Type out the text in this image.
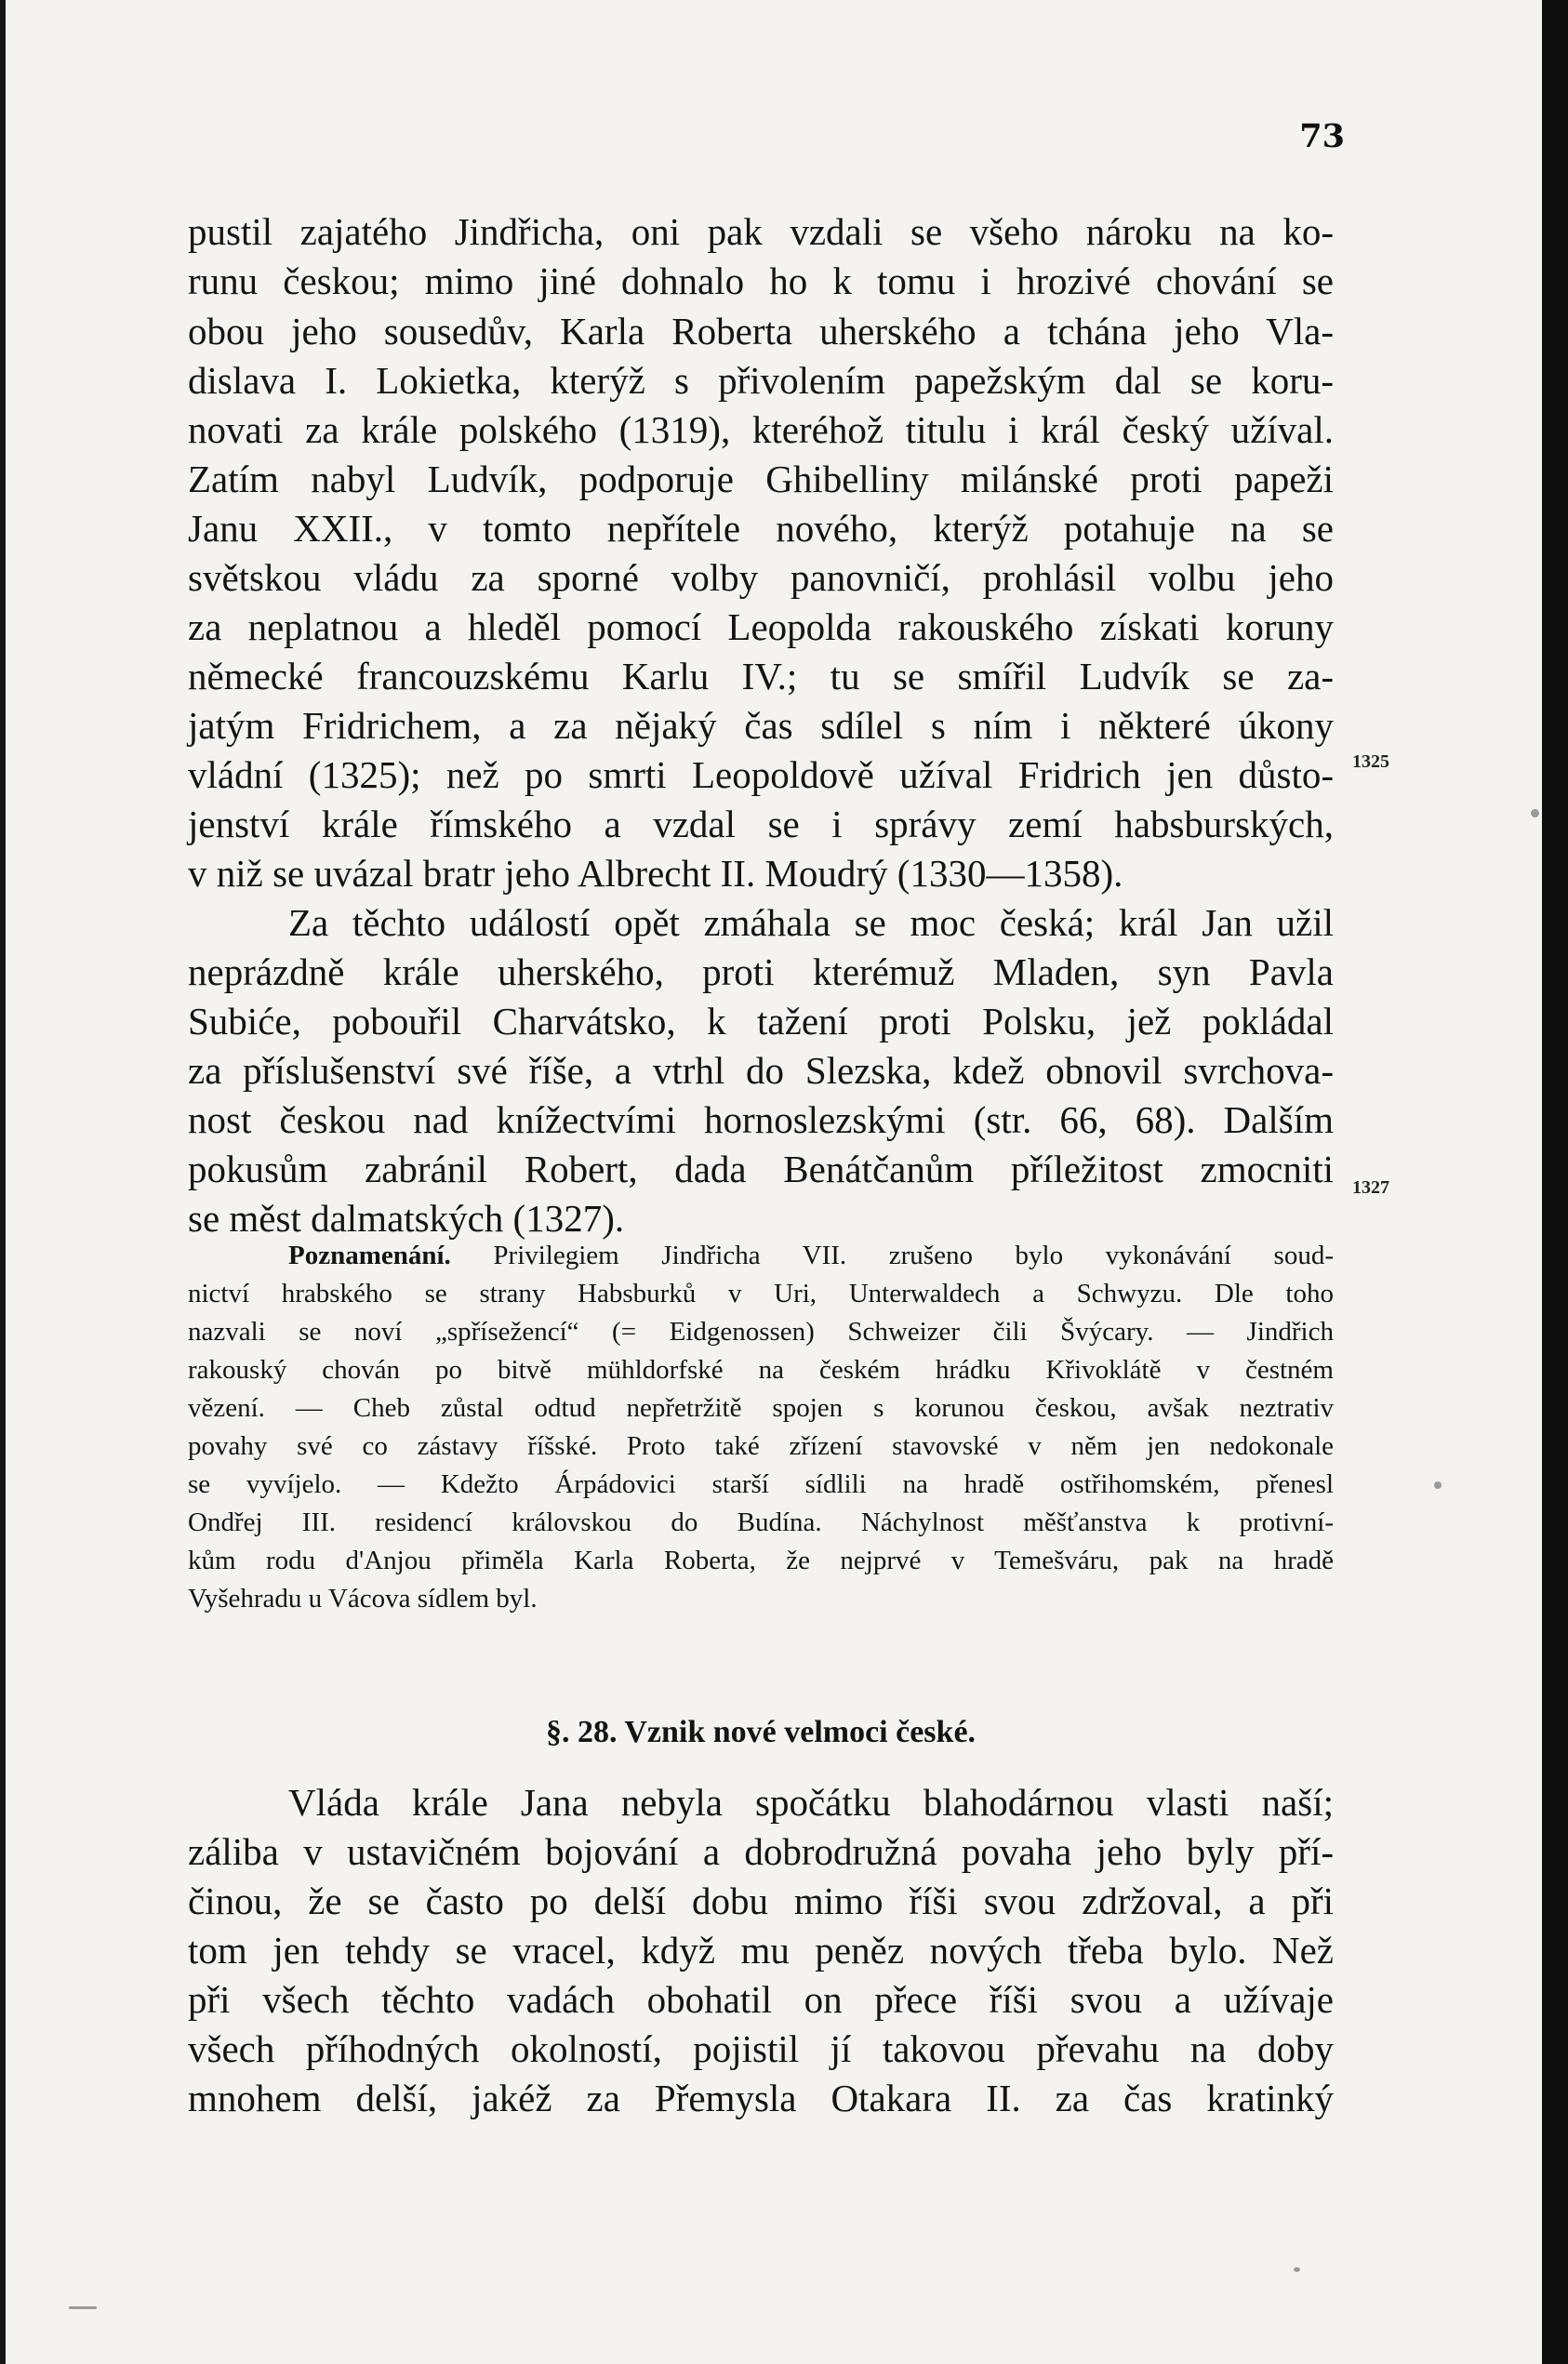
73
pustil zajatého Jindřicha, oni pak vzdali se všeho nároku na ko-
runu českou; mimo jiné dohnalo ho k tomu i hrozivé chování se
obou jeho sousedův, Karla Roberta uherského a tchána jeho Vla-
dislava I. Lokietka, kterýž s přivolením papežským dal se koru-
novati za krále polského (1319), kteréhož titulu i král český užíval.
Zatím nabyl Ludvík, podporuje Ghibelliny milánské proti papeži
Janu XXII., v tomto nepřítele nového, kterýž potahuje na se
světskou vládu za sporné volby panovničí, prohlásil volbu jeho
za neplatnou a hleděl pomocí Leopolda rakouského získati koruny
německé francouzskému Karlu IV.; tu se smířil Ludvík se za-
jatým Fridrichem, a za nějaký čas sdílel s ním i některé úkony
vládní (1325); než po smrti Leopoldově užíval Fridrich jen důsto-
jenství krále římského a vzdal se i správy zemí habsburských,
v niž se uvázal bratr jeho Albrecht II. Moudrý (1330—1358).
Za těchto událostí opět zmáhala se moc česká; král Jan užil
neprázdně krále uherského, proti kterémuž Mladen, syn Pavla
Subiće, pobouřil Charvátsko, k tažení proti Polsku, jež pokládal
za příslušenství své říše, a vtrhl do Slezska, kdež obnovil svrchova-
nost českou nad knížectvími hornoslezskými (str. 66, 68). Dalším
pokusům zabránil Robert, dada Benátčanům příležitost zmocniti
se měst dalmatských (1327).
1325
1327
Poznamenání. Privilegiem Jindřicha VII. zrušeno bylo vykonávání soud-
nictví hrabského se strany Habsburků v Uri, Unterwaldech a Schwyzu. Dle toho
nazvali se noví „spřísežencí“ (= Eidgenossen) Schweizer čili Švýcary. — Jindřich
rakouský chován po bitvě mühldorfské na českém hrádku Křivoklátě v čestném
vězení. — Cheb zůstal odtud nepřetržitě spojen s korunou českou, avšak neztrativ
povahy své co zástavy říšské. Proto také zřízení stavovské v něm jen nedokonale
se vyvíjelo. — Kdežto Árpádovici starší sídlili na hradě ostřihomském, přenesl
Ondřej III. residencí královskou do Budína. Náchylnost měšťanstva k protivní-
kům rodu d'Anjou přiměla Karla Roberta, že nejprvé v Temešváru, pak na hradě
Vyšehradu u Vácova sídlem byl.
§. 28. Vznik nové velmoci české.
Vláda krále Jana nebyla spočátku blahodárnou vlasti naší;
záliba v ustavičném bojování a dobrodružná povaha jeho byly pří-
činou, že se často po delší dobu mimo říši svou zdržoval, a při
tom jen tehdy se vracel, když mu peněz nových třeba bylo. Než
při všech těchto vadách obohatil on přece říši svou a užívaje
všech příhodných okolností, pojistil jí takovou převahu na doby
mnohem delší, jakéž za Přemysla Otakara II. za čas kratinký
